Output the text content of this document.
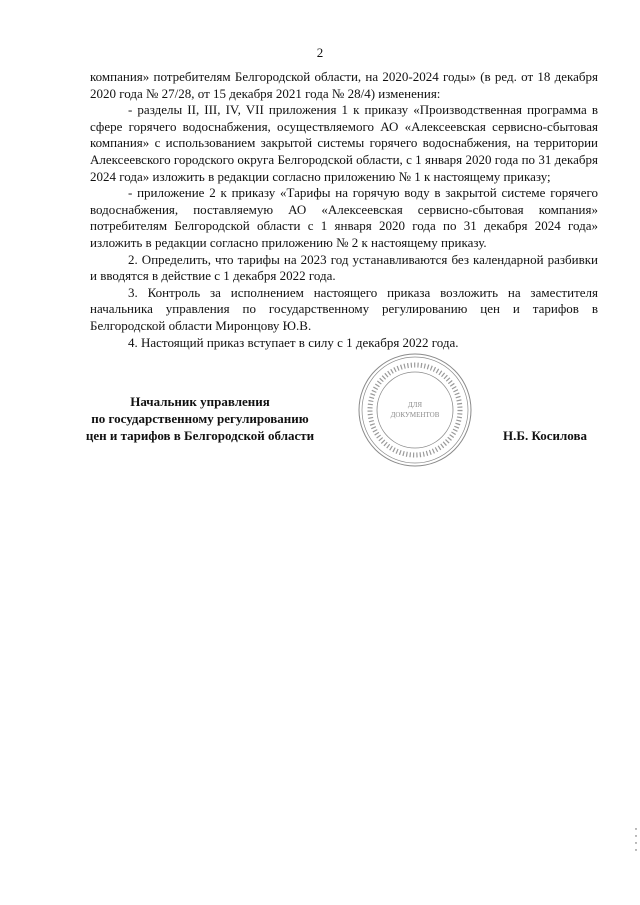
2

компания» потребителям Белгородской области, на 2020-2024 годы» (в ред. от 18 декабря 2020 года № 27/28, от 15 декабря 2021 года № 28/4) изменения:

- разделы II, III, IV, VII приложения 1 к приказу «Производственная программа в сфере горячего водоснабжения, осуществляемого АО «Алексеевская сервисно-сбытовая компания» с использованием закрытой системы горячего водоснабжения, на территории Алексеевского городского округа Белгородской области, с 1 января 2020 года по 31 декабря 2024 года» изложить в редакции согласно приложению № 1 к настоящему приказу;

- приложение 2 к приказу «Тарифы на горячую воду в закрытой системе горячего водоснабжения, поставляемую АО «Алексеевская сервисно-сбытовая компания» потребителям Белгородской области с 1 января 2020 года по 31 декабря 2024 года» изложить в редакции согласно приложению № 2 к настоящему приказу.

2. Определить, что тарифы на 2023 год устанавливаются без календарной разбивки и вводятся в действие с 1 декабря 2022 года.

3. Контроль за исполнением настоящего приказа возложить на заместителя начальника управления по государственному регулированию цен и тарифов в Белгородской области Миронцову Ю.В.

4. Настоящий приказ вступает в силу с 1 декабря 2022 года.

Начальник управления
по государственному регулированию
цен и тарифов в Белгородской области
ДЛЯ
ДОКУМЕНТОВ
Н.Б. Косилова
